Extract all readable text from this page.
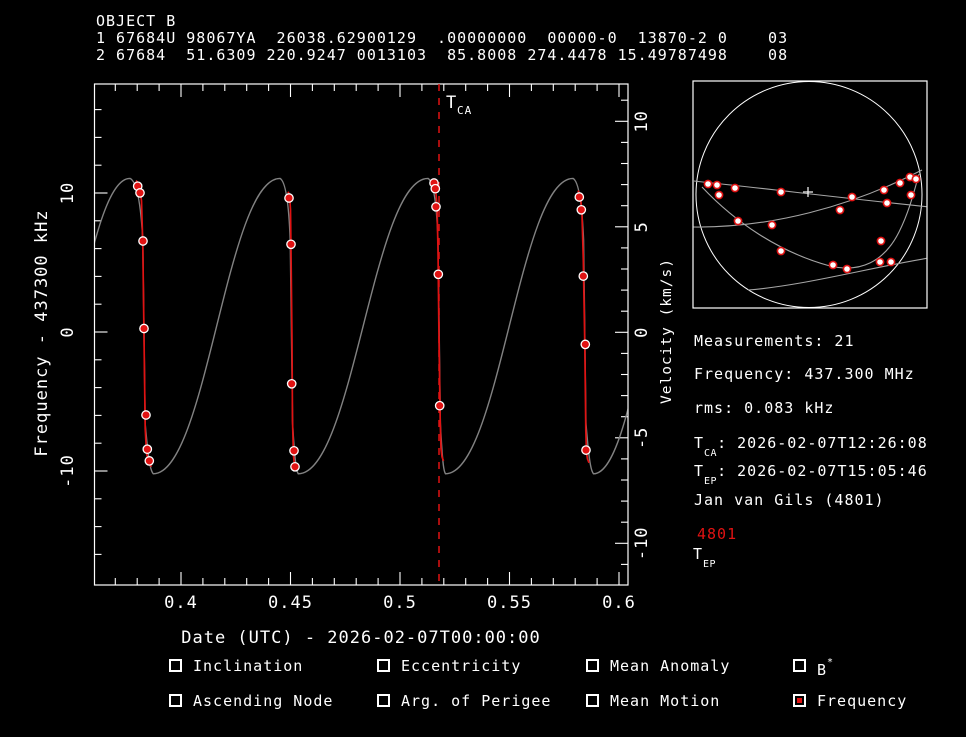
OBJECT B
1 67684U 98067YA  26038.62900129  .00000000  00000-0  13870-2 0    03
2 67684  51.6309 220.9247 0013103  85.8008 274.4478 15.49787498    08
T CA
0.4	0.45	0.5	0.55	0.6
10
0
-10
10
5
0
-5
-10
Date (UTC) - 2026-02-07T00:00:00
Frequency - 437300 kHz	Velocity (km/s) Measurements: 21
Frequency: 437.300 MHz
rms: 0.083 kHz
$T_{CA}$: 2026-02-07T12:26:08
$T_{EP}$: 2026-02-07T15:05:46
Jan van Gils (4801)
4801
$T_{EP}$
Inclination	Eccentricity	Mean Anomaly	B*
Ascending Node	Arg. of Perigee	Mean Motion	Frequency
